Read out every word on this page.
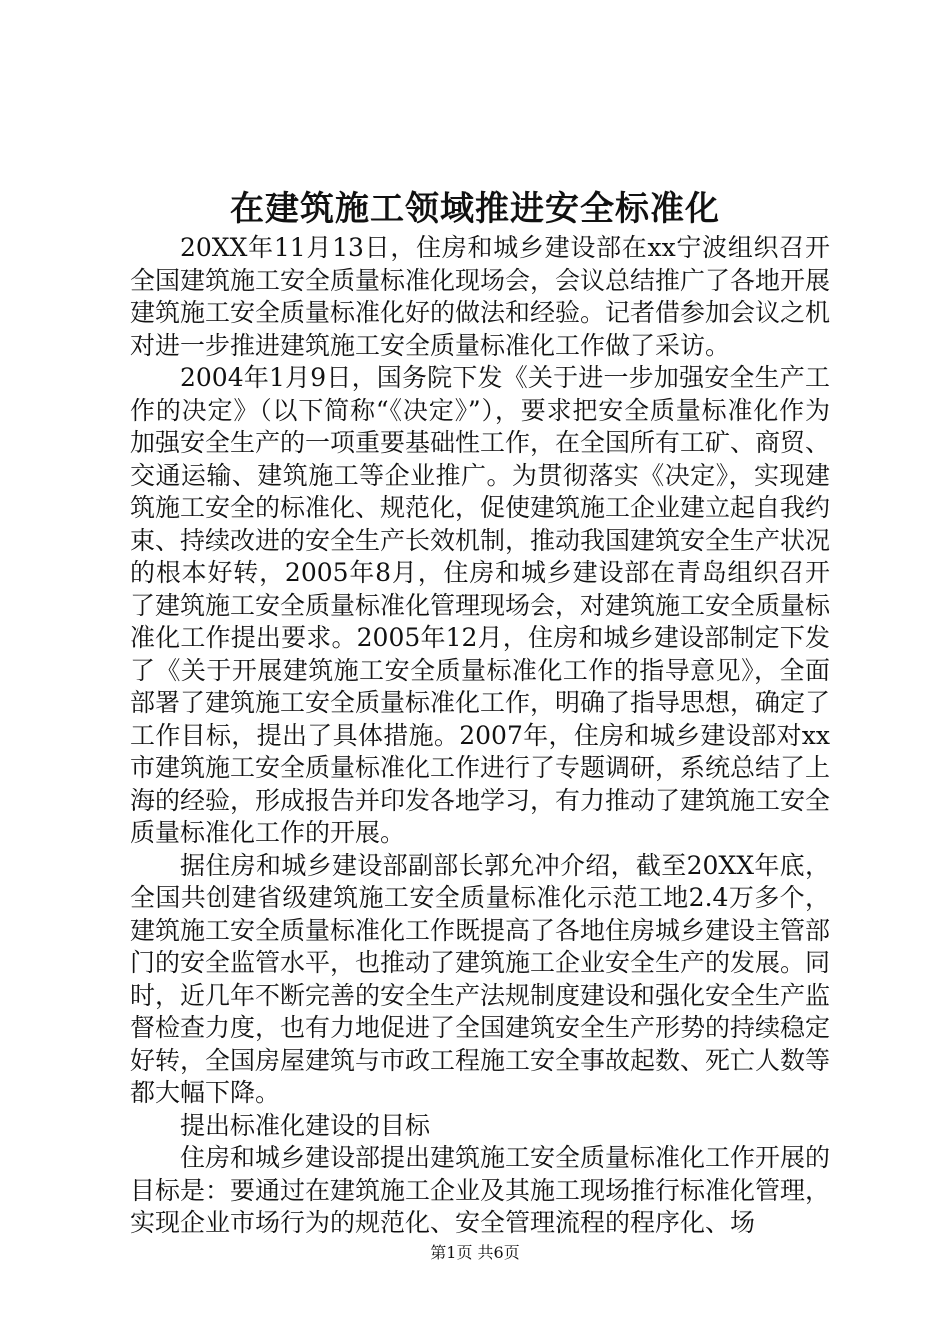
在建筑施工领域推进安全标准化

20XX年11月13日，住房和城乡建设部在xx宁波组织召开全国建筑施工安全质量标准化现场会，会议总结推广了各地开展建筑施工安全质量标准化好的做法和经验。记者借参加会议之机对进一步推进建筑施工安全质量标准化工作做了采访。

2004年1月9日，国务院下发《关于进一步加强安全生产工作的决定》（以下简称“《决定》”），要求把安全质量标准化作为加强安全生产的一项重要基础性工作，在全国所有工矿、商贸、交通运输、建筑施工等企业推广。为贯彻落实《决定》，实现建筑施工安全的标准化、规范化，促使建筑施工企业建立起自我约束、持续改进的安全生产长效机制，推动我国建筑安全生产状况的根本好转，2005年8月，住房和城乡建设部在青岛组织召开了建筑施工安全质量标准化管理现场会，对建筑施工安全质量标准化工作提出要求。2005年12月，住房和城乡建设部制定下发了《关于开展建筑施工安全质量标准化工作的指导意见》，全面部署了建筑施工安全质量标准化工作，明确了指导思想，确定了工作目标，提出了具体措施。2007年，住房和城乡建设部对xx市建筑施工安全质量标准化工作进行了专题调研，系统总结了上海的经验，形成报告并印发各地学习，有力推动了建筑施工安全质量标准化工作的开展。

据住房和城乡建设部副部长郭允冲介绍，截至20XX年底，全国共创建省级建筑施工安全质量标准化示范工地2.4万多个，建筑施工安全质量标准化工作既提高了各地住房城乡建设主管部门的安全监管水平，也推动了建筑施工企业安全生产的发展。同时，近几年不断完善的安全生产法规制度建设和强化安全生产监督检查力度，也有力地促进了全国建筑安全生产形势的持续稳定好转，全国房屋建筑与市政工程施工安全事故起数、死亡人数等都大幅下降。

提出标准化建设的目标

住房和城乡建设部提出建筑施工安全质量标准化工作开展的目标是：要通过在建筑施工企业及其施工现场推行标准化管理，实现企业市场行为的规范化、安全管理流程的程序化、场

第1页 共6页
